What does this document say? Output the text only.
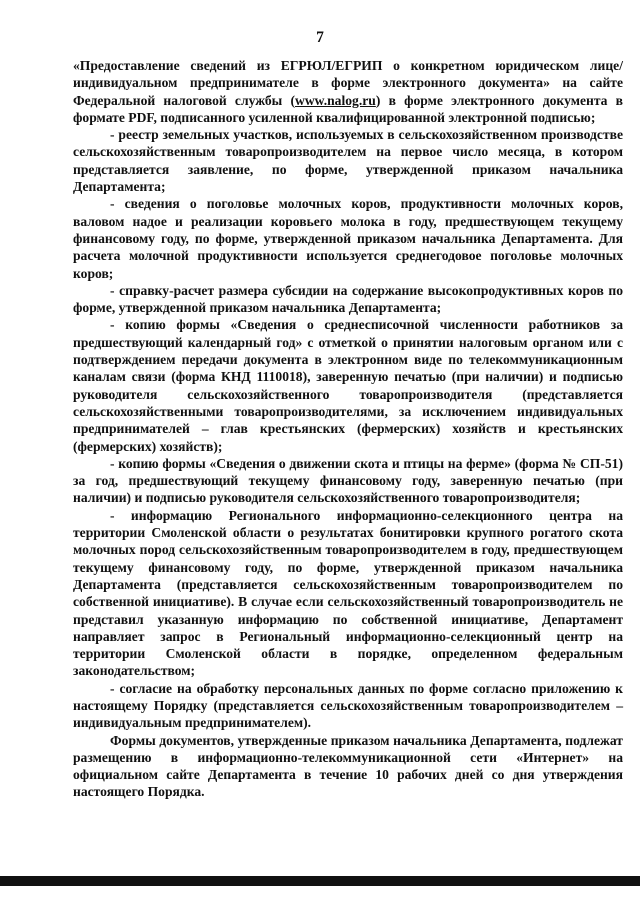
7

«Предоставление сведений из ЕГРЮЛ/ЕГРИП о конкретном юридическом лице/индивидуальном предпринимателе в форме электронного документа» на сайте Федеральной налоговой службы (www.nalog.ru) в форме электронного документа в формате PDF, подписанного усиленной квалифицированной электронной подписью;

- реестр земельных участков, используемых в сельскохозяйственном производстве сельскохозяйственным товаропроизводителем на первое число месяца, в котором представляется заявление, по форме, утвержденной приказом начальника Департамента;

- сведения о поголовье молочных коров, продуктивности молочных коров, валовом надое и реализации коровьего молока в году, предшествующем текущему финансовому году, по форме, утвержденной приказом начальника Департамента. Для расчета молочной продуктивности используется среднегодовое поголовье молочных коров;

- справку-расчет размера субсидии на содержание высокопродуктивных коров по форме, утвержденной приказом начальника Департамента;

- копию формы «Сведения о среднесписочной численности работников за предшествующий календарный год» с отметкой о принятии налоговым органом или с подтверждением передачи документа в электронном виде по телекоммуникационным каналам связи (форма КНД 1110018), заверенную печатью (при наличии) и подписью руководителя сельскохозяйственного товаропроизводителя (представляется сельскохозяйственными товаропроизводителями, за исключением индивидуальных предпринимателей – глав крестьянских (фермерских) хозяйств и крестьянских (фермерских) хозяйств);

- копию формы «Сведения о движении скота и птицы на ферме» (форма № СП-51) за год, предшествующий текущему финансовому году, заверенную печатью (при наличии) и подписью руководителя сельскохозяйственного товаропроизводителя;

- информацию Регионального информационно-селекционного центра на территории Смоленской области о результатах бонитировки крупного рогатого скота молочных пород сельскохозяйственным товаропроизводителем в году, предшествующем текущему финансовому году, по форме, утвержденной приказом начальника Департамента (представляется сельскохозяйственным товаропроизводителем по собственной инициативе). В случае если сельскохозяйственный товаропроизводитель не представил указанную информацию по собственной инициативе, Департамент направляет запрос в Региональный информационно-селекционный центр на территории Смоленской области в порядке, определенном федеральным законодательством;

- согласие на обработку персональных данных по форме согласно приложению к настоящему Порядку (представляется сельскохозяйственным товаропроизводителем – индивидуальным предпринимателем).

Формы документов, утвержденные приказом начальника Департамента, подлежат размещению в информационно-телекоммуникационной сети «Интернет» на официальном сайте Департамента в течение 10 рабочих дней со дня утверждения настоящего Порядка.
